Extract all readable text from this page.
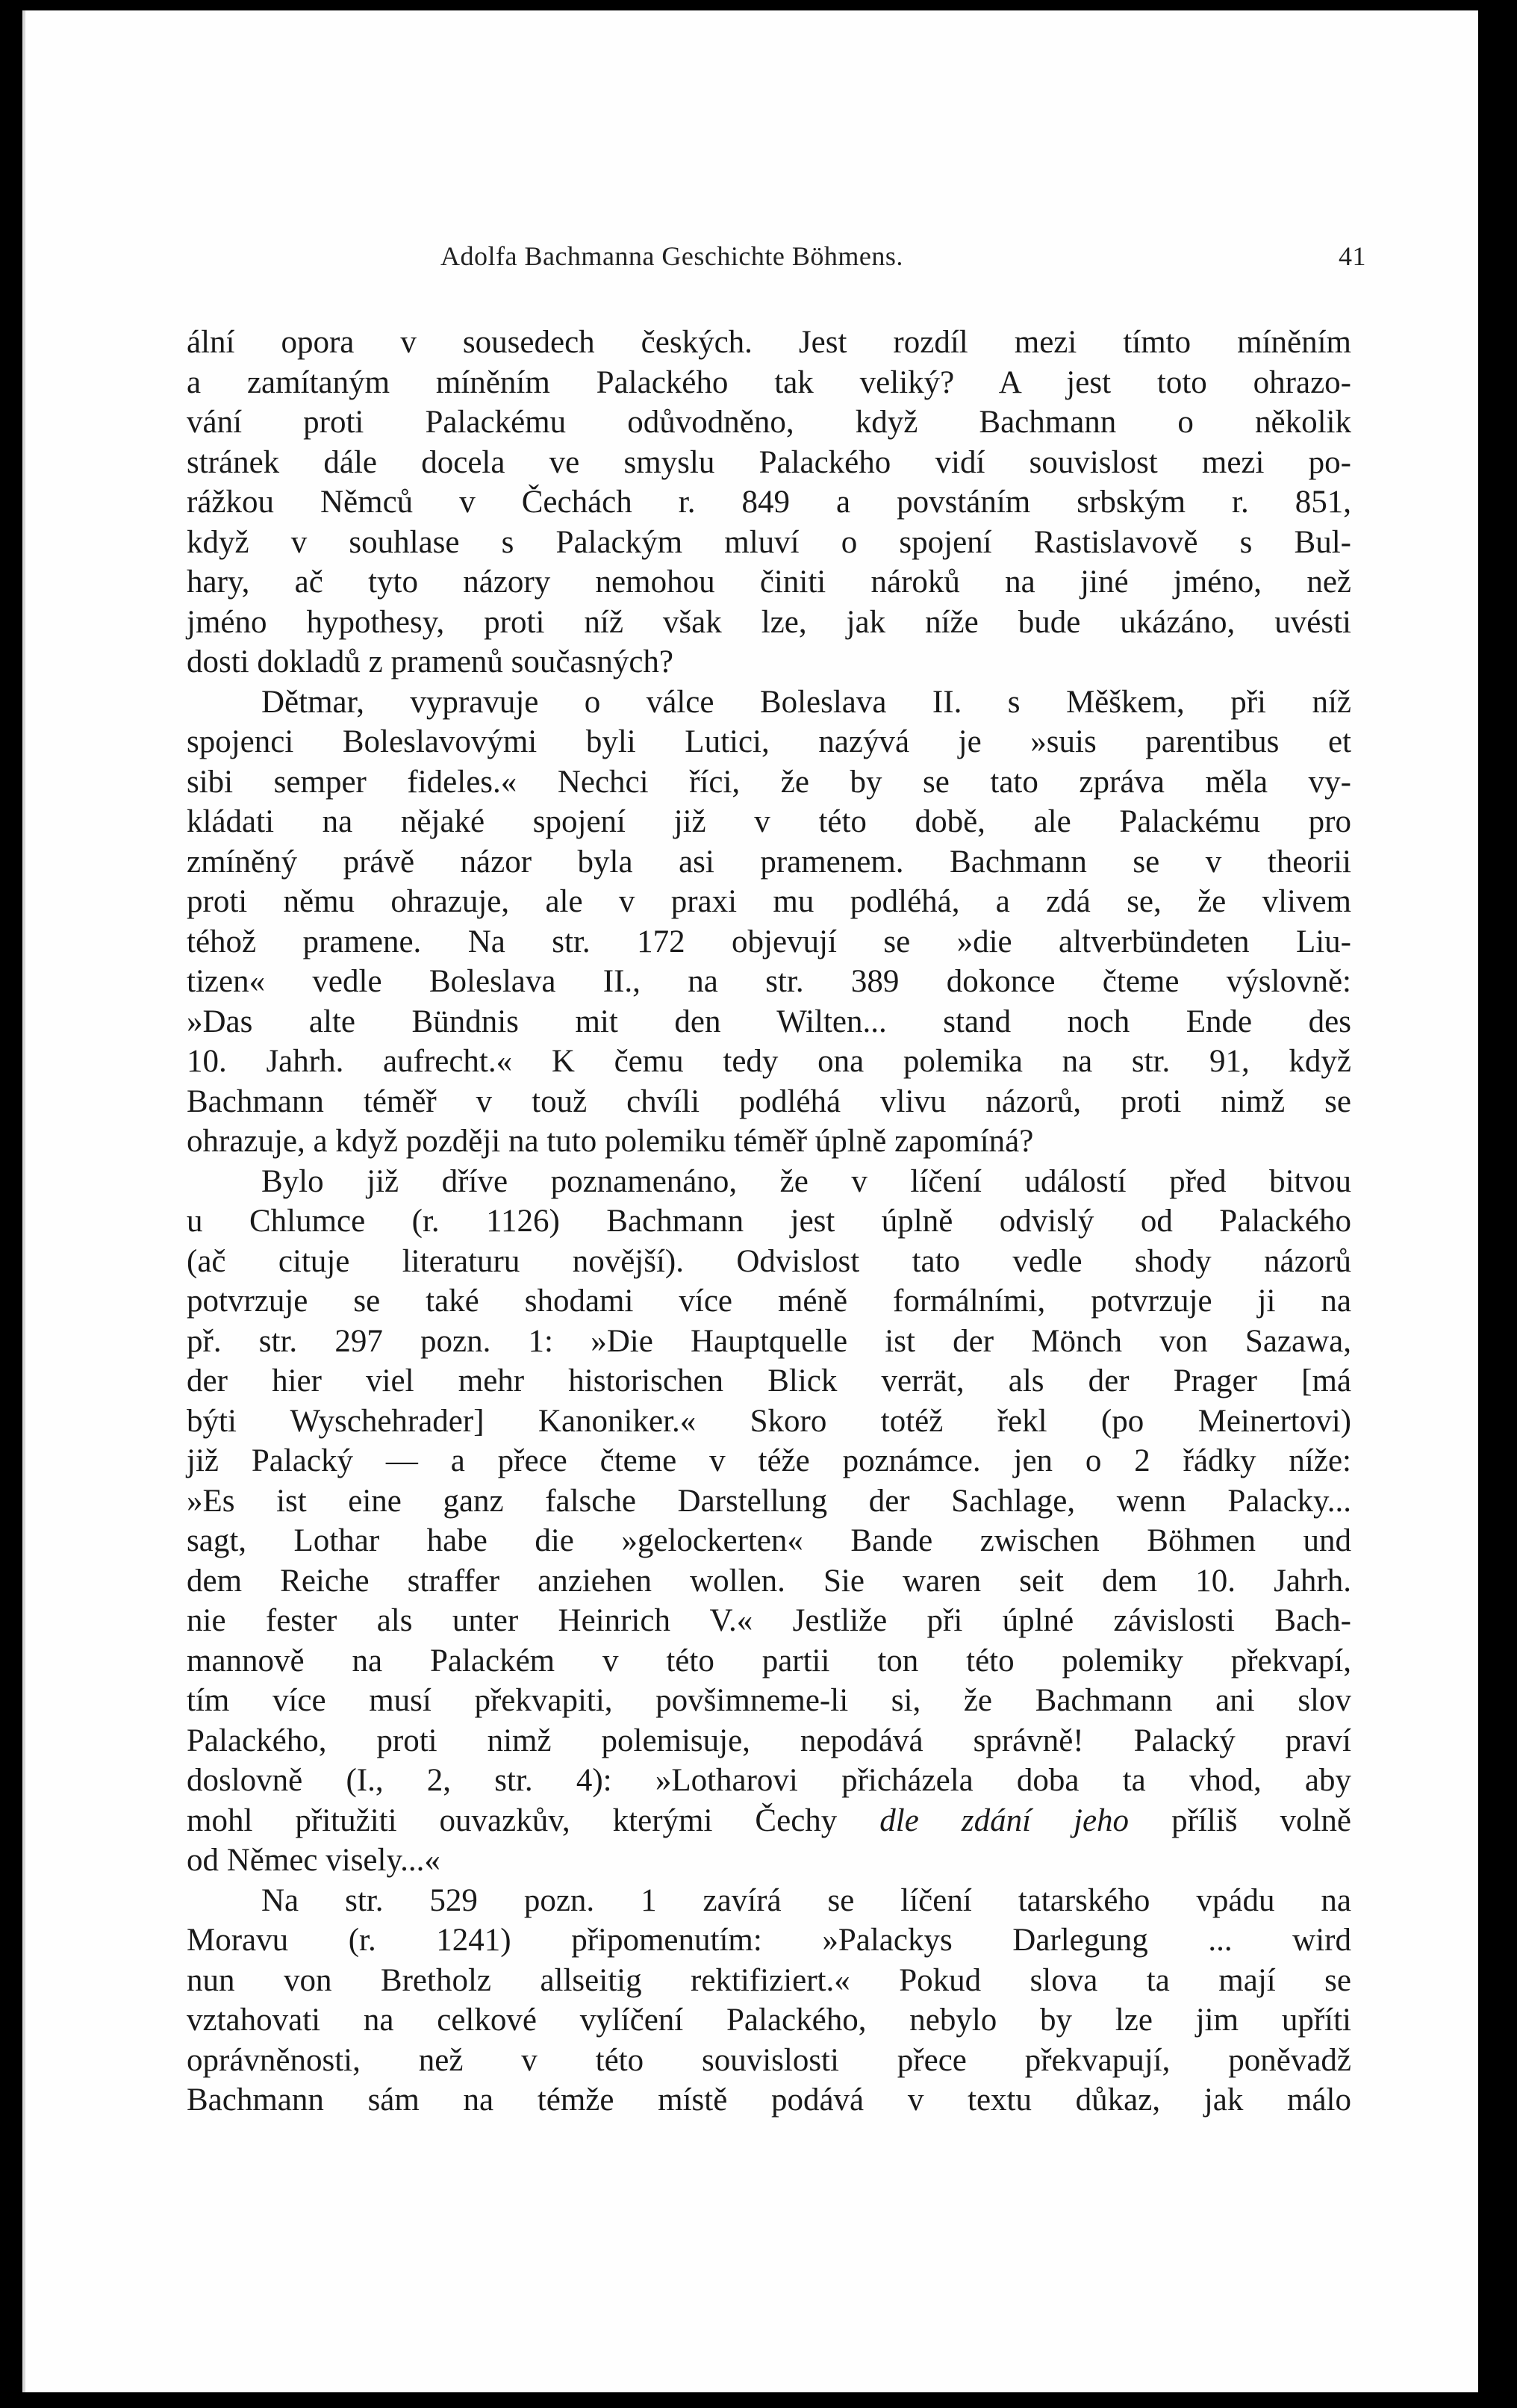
Adolfa Bachmanna Geschichte Böhmens.	41
ální opora v sousedech českých. Jest rozdíl mezi tímto míněním
a zamítaným míněním Palackého tak veliký? A jest toto ohrazo-
vání proti Palackému odůvodněno, když Bachmann o několik
stránek dále docela ve smyslu Palackého vidí souvislost mezi po-
rážkou Němců v Čechách r. 849 a povstáním srbským r. 851,
když v souhlase s Palackým mluví o spojení Rastislavově s Bul-
hary, ač tyto názory nemohou činiti nároků na jiné jméno, než
jméno hypothesy, proti níž však lze, jak níže bude ukázáno, uvésti
dosti dokladů z pramenů současných?
Dětmar, vypravuje o válce Boleslava II. s Měškem, při níž
spojenci Boleslavovými byli Lutici, nazývá je »suis parentibus et
sibi semper fideles.« Nechci říci, že by se tato zpráva měla vy-
kládati na nějaké spojení již v této době, ale Palackému pro
zmíněný právě názor byla asi pramenem. Bachmann se v theorii
proti němu ohrazuje, ale v praxi mu podléhá, a zdá se, že vlivem
téhož pramene. Na str. 172 objevují se »die altverbündeten Liu-
tizen« vedle Boleslava II., na str. 389 dokonce čteme výslovně:
»Das alte Bündnis mit den Wilten... stand noch Ende des
10. Jahrh. aufrecht.« K čemu tedy ona polemika na str. 91, když
Bachmann téměř v touž chvíli podléhá vlivu názorů, proti nimž se
ohrazuje, a když později na tuto polemiku téměř úplně zapomíná?
Bylo již dříve poznamenáno, že v líčení událostí před bitvou
u Chlumce (r. 1126) Bachmann jest úplně odvislý od Palackého
(ač cituje literaturu novější). Odvislost tato vedle shody názorů
potvrzuje se také shodami více méně formálními, potvrzuje ji na
př. str. 297 pozn. 1: »Die Hauptquelle ist der Mönch von Sazawa,
der hier viel mehr historischen Blick verrät, als der Prager [má
býti Wyschehrader] Kanoniker.« Skoro totéž řekl (po Meinertovi)
již Palacký — a přece čteme v téže poznámce. jen o 2 řádky níže:
»Es ist eine ganz falsche Darstellung der Sachlage, wenn Palacky...
sagt, Lothar habe die »gelockerten« Bande zwischen Böhmen und
dem Reiche straffer anziehen wollen. Sie waren seit dem 10. Jahrh.
nie fester als unter Heinrich V.« Jestliže při úplné závislosti Bach-
mannově na Palackém v této partii ton této polemiky překvapí,
tím více musí překvapiti, povšimneme-li si, že Bachmann ani slov
Palackého, proti nimž polemisuje, nepodává správně! Palacký praví
doslovně (I., 2, str. 4): »Lotharovi přicházela doba ta vhod, aby
mohl přitužiti ouvazkův, kterými Čechy dle zdání jeho příliš volně
od Němec visely...«
Na str. 529 pozn. 1 zavírá se líčení tatarského vpádu na
Moravu (r. 1241) připomenutím: »Palackys Darlegung ... wird
nun von Bretholz allseitig rektifiziert.« Pokud slova ta mají se
vztahovati na celkové vylíčení Palackého, nebylo by lze jim upříti
oprávněnosti, než v této souvislosti přece překvapují, poněvadž
Bachmann sám na témže místě podává v textu důkaz, jak málo
